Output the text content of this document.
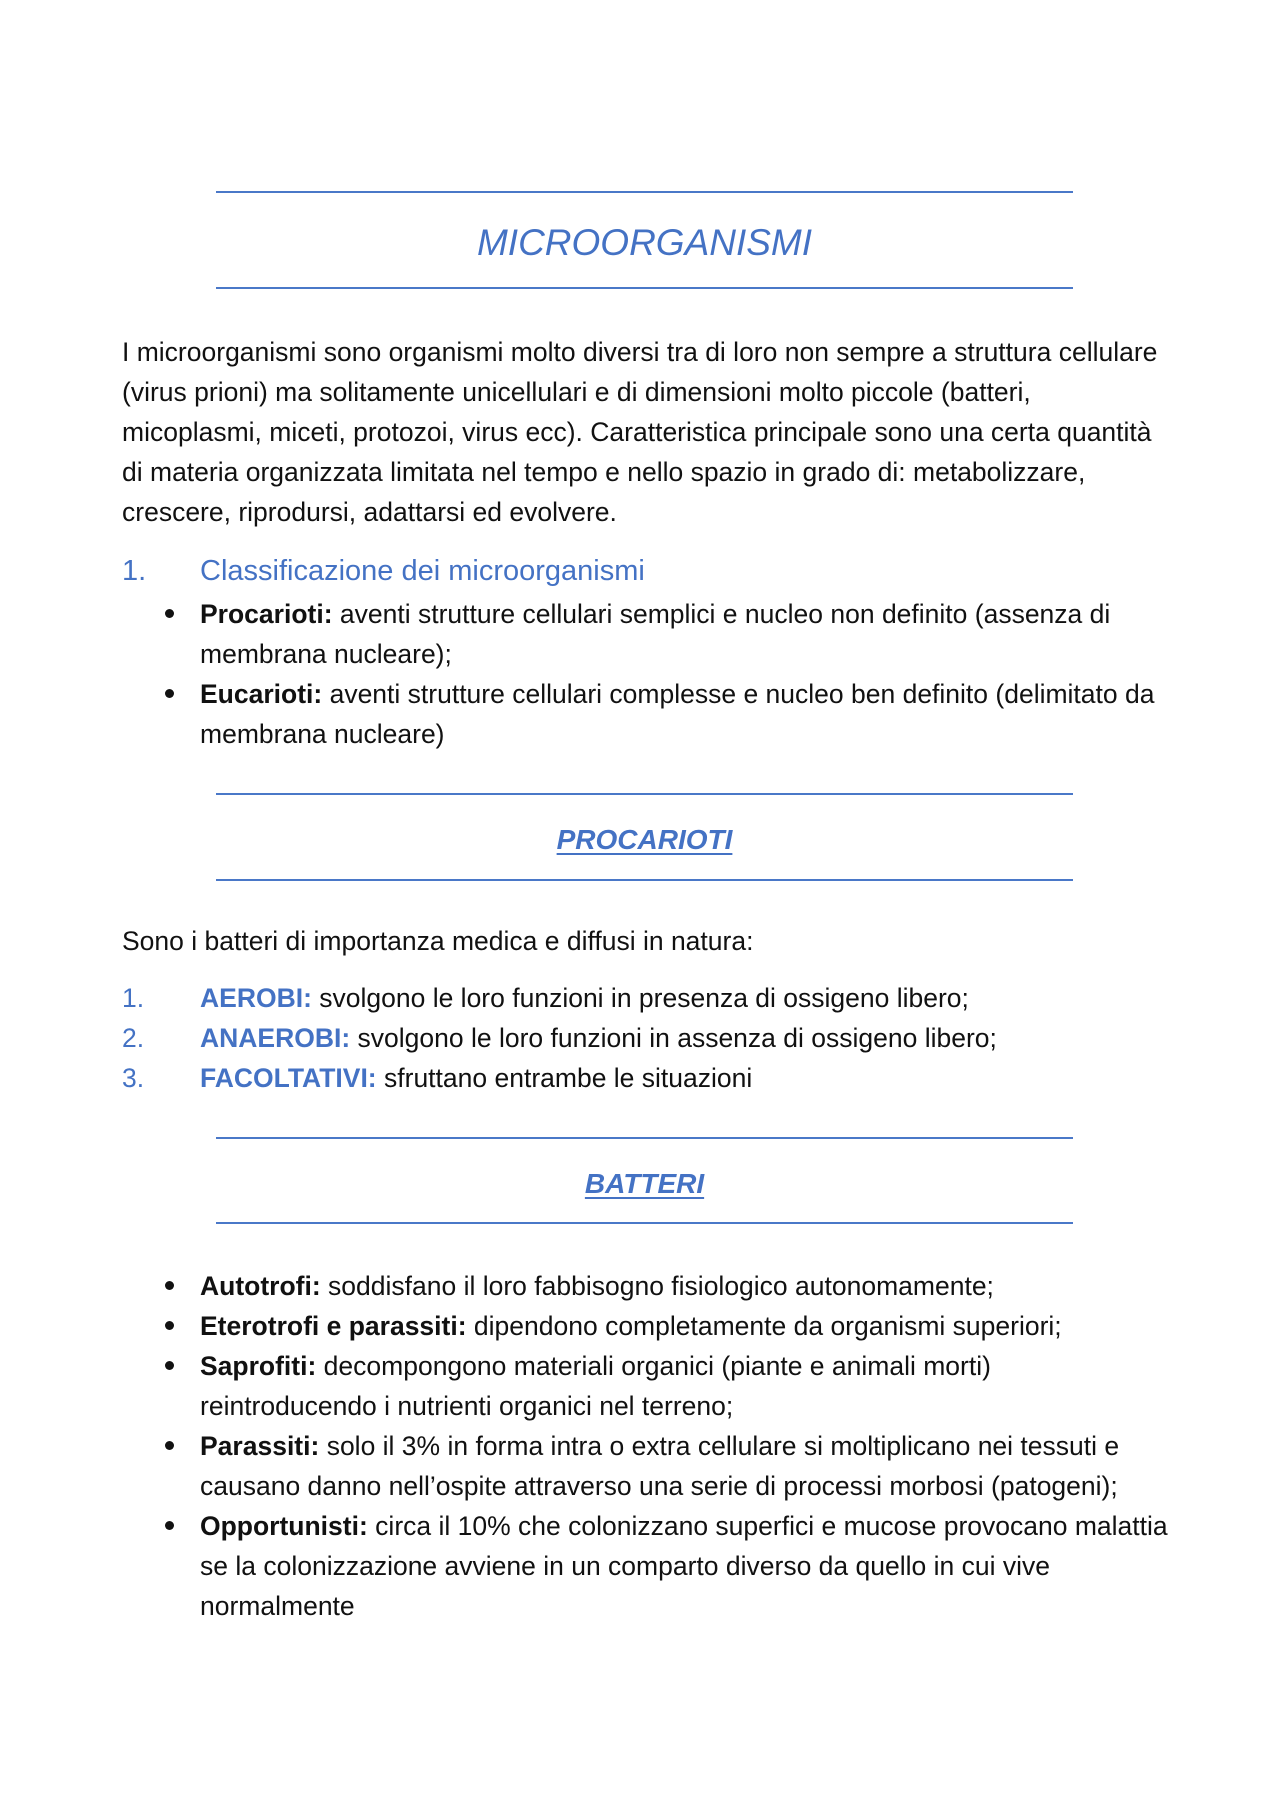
MICROORGANISMI

I microorganismi sono organismi molto diversi tra di loro non sempre a struttura cellulare (virus prioni) ma solitamente unicellulari e di dimensioni molto piccole (batteri, micoplasmi, miceti, protozoi, virus ecc). Caratteristica principale sono una certa quantità di materia organizzata limitata nel tempo e nello spazio in grado di: metabolizzare, crescere, riprodursi, adattarsi ed evolvere.

1. Classificazione dei microorganismi
Procarioti: aventi strutture cellulari semplici e nucleo non definito (assenza di membrana nucleare);
Eucarioti: aventi strutture cellulari complesse e nucleo ben definito (delimitato da membrana nucleare)
PROCARIOTI

Sono i batteri di importanza medica e diffusi in natura:

1. AEROBI: svolgono le loro funzioni in presenza di ossigeno libero;
2. ANAEROBI: svolgono le loro funzioni in assenza di ossigeno libero;
3. FACOLTATIVI: sfruttano entrambe le situazioni
BATTERI
Autotrofi: soddisfano il loro fabbisogno fisiologico autonomamente;
Eterotrofi e parassiti: dipendono completamente da organismi superiori;
Saprofiti: decompongono materiali organici (piante e animali morti) reintroducendo i nutrienti organici nel terreno;
Parassiti: solo il 3% in forma intra o extra cellulare si moltiplicano nei tessuti e causano danno nell’ospite attraverso una serie di processi morbosi (patogeni);
Opportunisti: circa il 10% che colonizzano superfici e mucose provocano malattia se la colonizzazione avviene in un comparto diverso da quello in cui vive normalmente
